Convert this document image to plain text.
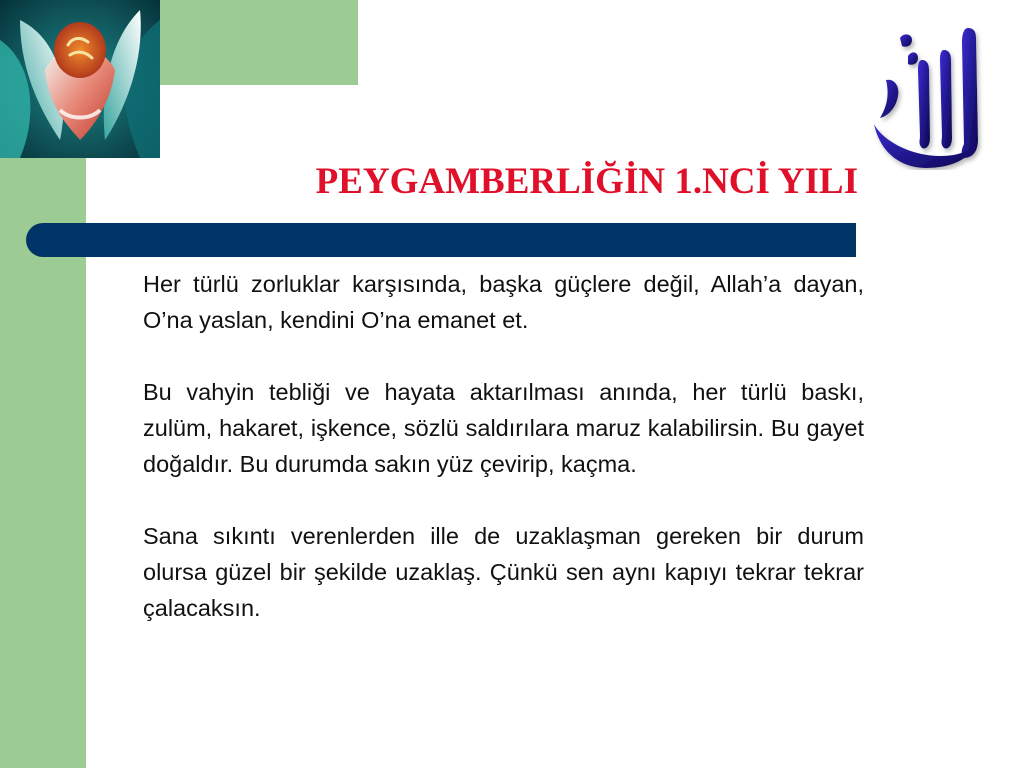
PEYGAMBERLİĞİN 1.NCİ YILI

Her türlü zorluklar karşısında, başka güçlere değil, Allah’a dayan, O’na yaslan, kendini O’na emanet et.

Bu vahyin tebliği ve hayata aktarılması anında, her türlü baskı, zulüm, hakaret, işkence, sözlü saldırılara maruz kalabilirsin. Bu gayet doğaldır. Bu durumda sakın yüz çevirip, kaçma.

Sana sıkıntı verenlerden ille de uzaklaşman gereken bir durum olursa güzel bir şekilde uzaklaş. Çünkü sen aynı kapıyı tekrar tekrar çalacaksın.
